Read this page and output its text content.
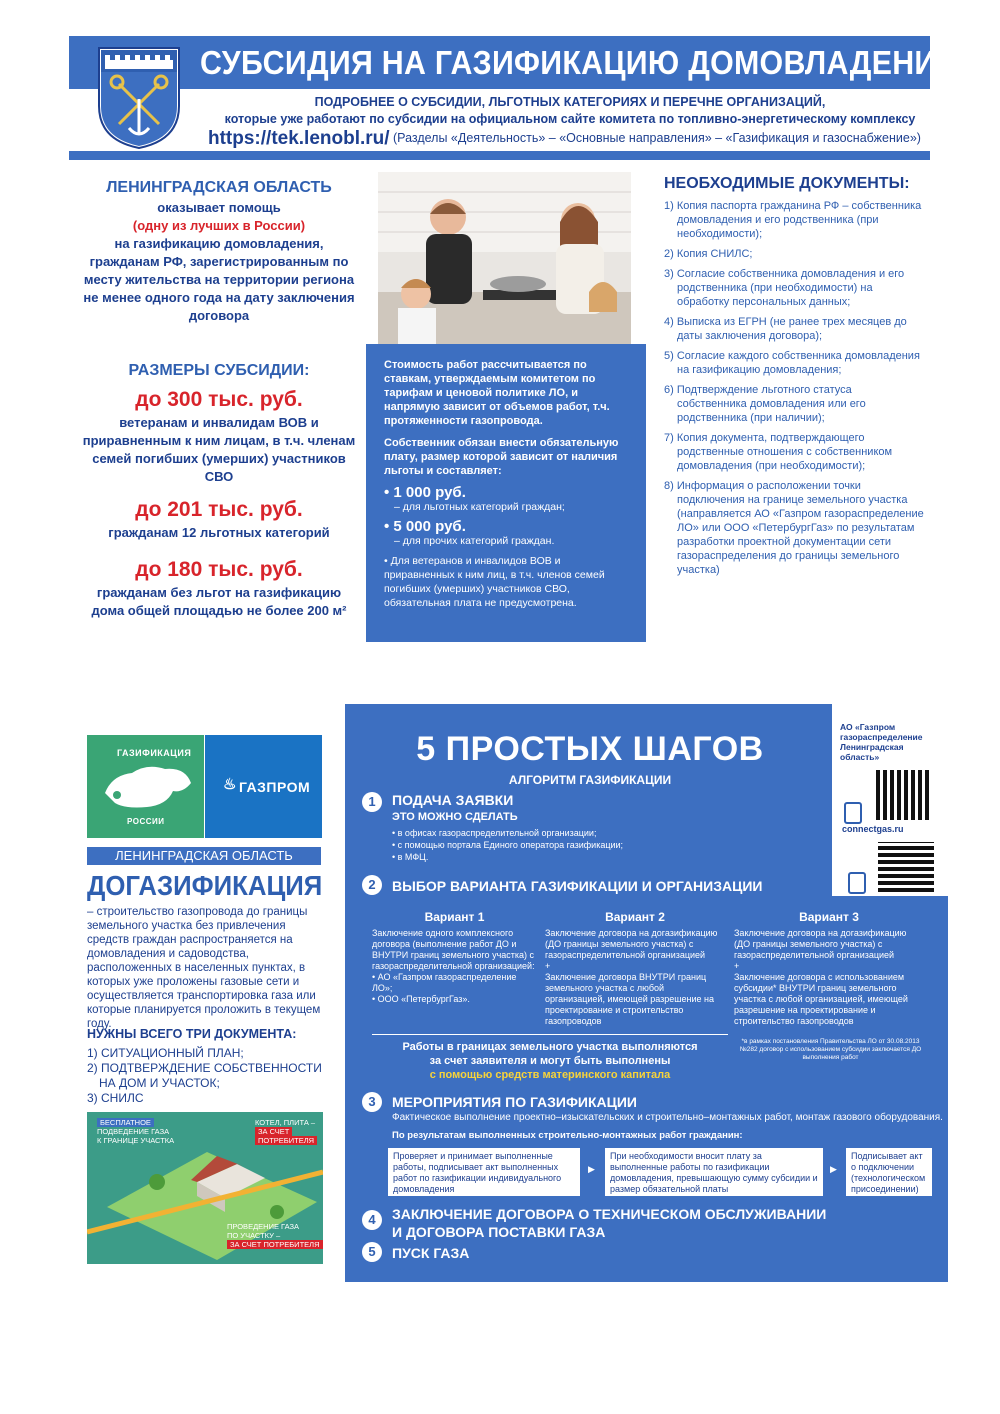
СУБСИДИЯ НА ГАЗИФИКАЦИЮ ДОМОВЛАДЕНИЯ
ПОДРОБНЕЕ О СУБСИДИИ, ЛЬГОТНЫХ КАТЕГОРИЯХ И ПЕРЕЧНЕ ОРГАНИЗАЦИЙ,
которые уже работают по субсидии на официальном сайте комитета по топливно-энергетическому комплексу
https://tek.lenobl.ru/ (Разделы «Деятельность» – «Основные направления» – «Газификация и газоснабжение»)
ЛЕНИНГРАДСКАЯ ОБЛАСТЬ
оказывает помощь
(одну из лучших в России)
на газификацию домовладения, гражданам РФ, зарегистрированным по месту жительства на территории региона не менее одного года на дату заключения договора
РАЗМЕРЫ СУБСИДИИ:
до 300 тыс. руб.
ветеранам и инвалидам ВОВ и приравненным к ним лицам, в т.ч. членам семей погибших (умерших) участников СВО
до 201 тыс. руб.
гражданам 12 льготных категорий
до 180 тыс. руб.
гражданам без льгот на газификацию дома общей площадью не более 200 м²

Стоимость работ рассчитывается по ставкам, утверждаемым комитетом по тарифам и ценовой политике ЛО, и напрямую зависит от объемов работ, т.ч. протяженности газопровода.

Собственник обязан внести обязательную плату, размер которой зависит от наличия льготы и составляет:

• 1 000 руб.
– для льготных категорий граждан;
• 5 000 руб.
– для прочих категорий граждан.
• Для ветеранов и инвалидов ВОВ и приравненных к ним лиц, в т.ч. членов семей погибших (умерших) участников СВО, обязательная плата не предусмотрена.
НЕОБХОДИМЫЕ ДОКУМЕНТЫ:
1) Копия паспорта гражданина РФ – собственника домовладения и его родственника (при необходимости);
2) Копия СНИЛС;
3) Согласие собственника домовладения и его родственника (при необходимости) на обработку персональных данных;
4) Выписка из ЕГРН (не ранее трех месяцев до даты заключения договора);
5) Согласие каждого собственника домовладения на газификацию домовладения;
6) Подтверждение льготного статуса собственника домовладения или его родственника (при наличии);
7) Копия документа, подтверждающего родственные отношения с собственником домовладения (при необходимости);
8) Информация о расположении точки подключения на границе земельного участка (направляется АО «Газпром газораспределение ЛО» или ООО «ПетербургГаз» по результатам разработки проектной документации сети газораспределения до границы земельного участка)
ГАЗИФИКАЦИЯ
РОССИИ
♨ ГАЗПРОМ
ЛЕНИНГРАДСКАЯ ОБЛАСТЬ
ДОГАЗИФИКАЦИЯ
– строительство газопровода до границы земельного участка без привлечения средств граждан распространяется на домовладения и садоводства, расположенных в населенных пунктах, в которых уже проложены газовые сети и осуществляется транспортировка газа или которые планируется проложить в текущем году.
НУЖНЫ ВСЕГО ТРИ ДОКУМЕНТА:
1) СИТУАЦИОННЫЙ ПЛАН;
2) ПОДТВЕРЖДЕНИЕ СОБСТВЕННОСТИ
НА ДОМ И УЧАСТОК;
3) СНИЛС
БЕСПЛАТНОЕ
ПОДВЕДЕНИЕ ГАЗА
К ГРАНИЦЕ УЧАСТКА
КОТЕЛ, ПЛИТА –
ЗА СЧЕТ ПОТРЕБИТЕЛЯ
ПРОВЕДЕНИЕ ГАЗА
ПО УЧАСТКУ –
ЗА СЧЕТ ПОТРЕБИТЕЛЯ
АО «Газпром газораспределение Ленинградская область»
connectgas.ru
5 ПРОСТЫХ ШАГОВ
АЛГОРИТМ ГАЗИФИКАЦИИ
1	ПОДАЧА ЗАЯВКИ
ЭТО МОЖНО СДЕЛАТЬ
• в офисах газораспределительной организации;
• с помощью портала Единого оператора газификации;
• в МФЦ.
2	ВЫБОР ВАРИАНТА ГАЗИФИКАЦИИ И ОРГАНИЗАЦИИ
Вариант 1
Заключение одного комплексного договора (выполнение работ ДО и ВНУТРИ границ земельного участка) с газораспределительной организацией:
• АО «Газпром газораспределение ЛО»;
• ООО «ПетербургГаз».
Вариант 2
Заключение договора на догазификацию (ДО границы земельного участка) с газораспределительной организацией
+
Заключение договора ВНУТРИ границ земельного участка с любой организацией, имеющей разрешение на проектирование и строительство газопроводов
Вариант 3
Заключение договора на догазификацию (ДО границы земельного участка) с газораспределительной организацией
+
Заключение договора с использованием субсидии* ВНУТРИ границ земельного участка с любой организацией, имеющей разрешение на проектирование и строительство газопроводов
Работы в границах земельного участка выполняются
за счет заявителя и могут быть выполнены
с помощью средств материнского капитала
*в рамках постановления Правительства ЛО от 30.08.2013 №282 договор с использованием субсидии заключается ДО выполнения работ
3	МЕРОПРИЯТИЯ ПО ГАЗИФИКАЦИИ
Фактическое выполнение проектно–изыскательских и строительно–монтажных работ, монтаж газового оборудования.
По результатам выполненных строительно-монтажных работ гражданин:
Проверяет и принимает выполненные работы, подписывает акт выполненных работ по газификации индивидуального домовладения
▶
При необходимости вносит плату за выполненные работы по газификации домовладения, превышающую сумму субсидии и размер обязательной платы
▶
Подписывает акт о подключении (технологическом присоединении)
4	ЗАКЛЮЧЕНИЕ ДОГОВОРА О ТЕХНИЧЕСКОМ ОБСЛУЖИВАНИИ
И ДОГОВОРА ПОСТАВКИ ГАЗА
5	ПУСК ГАЗА
